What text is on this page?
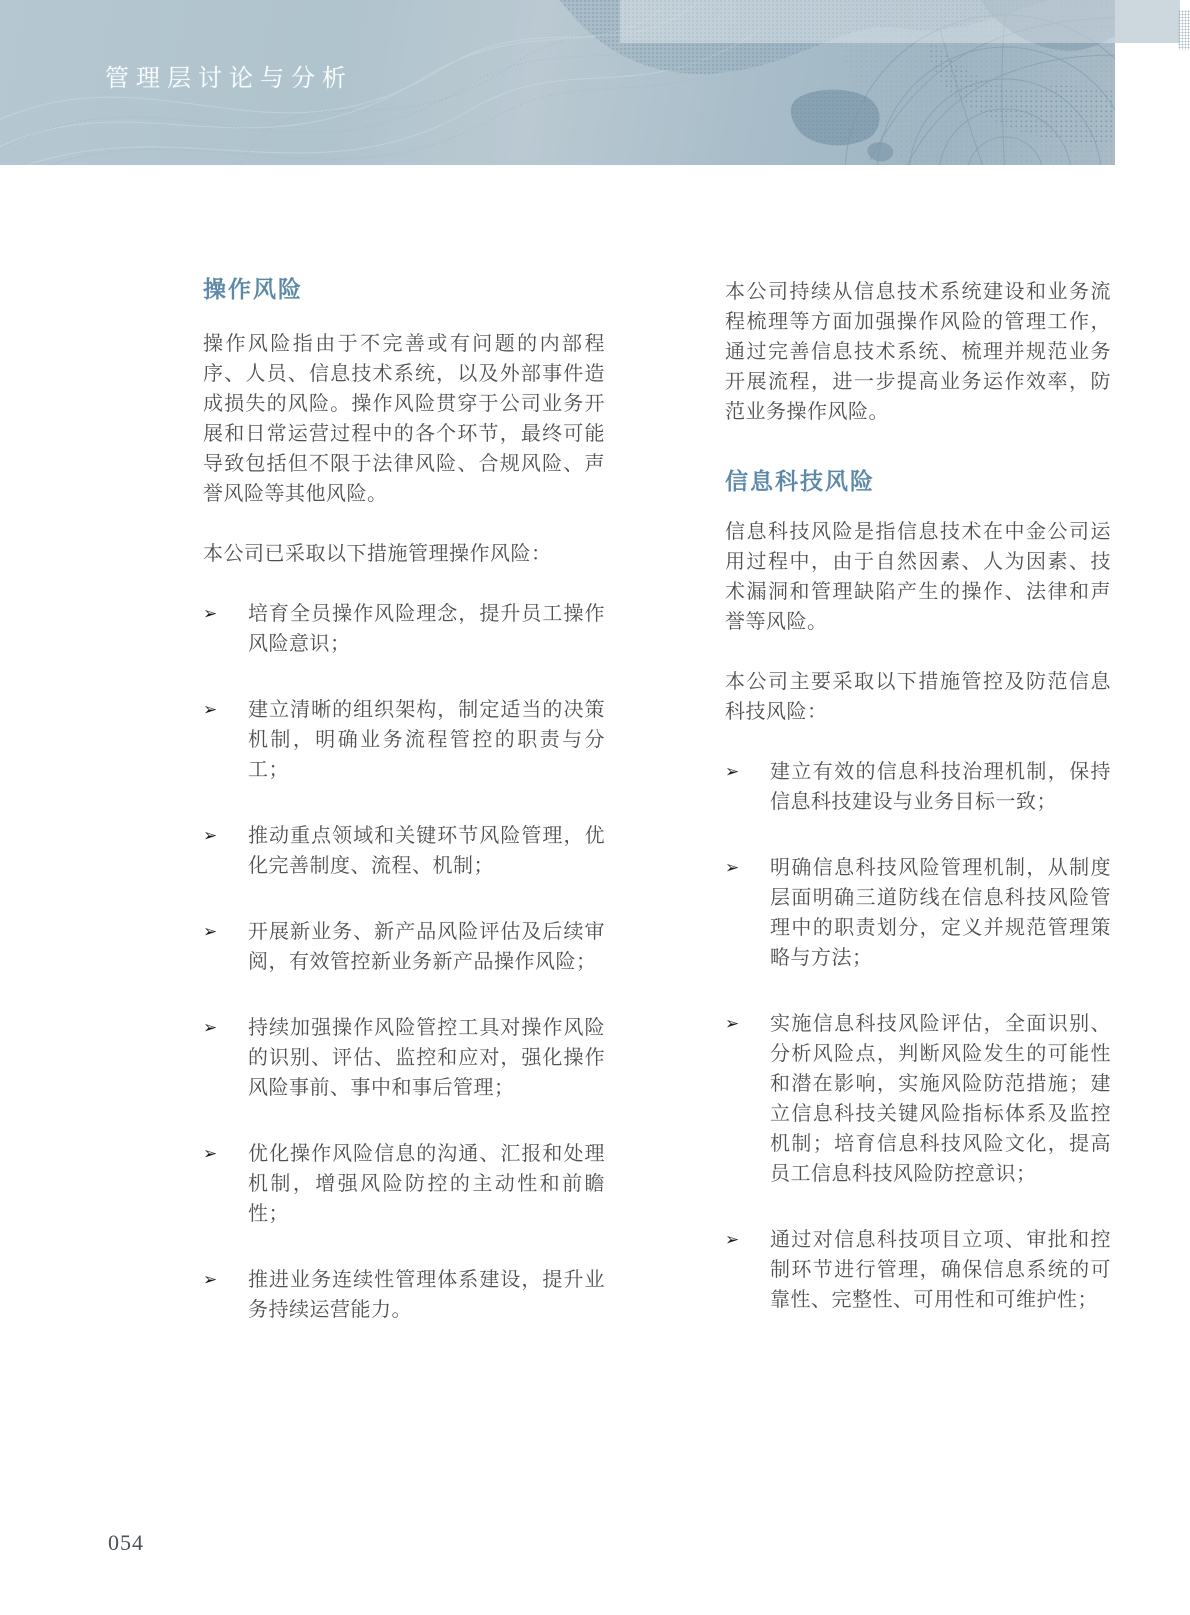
管理层讨论与分析
操作风险

操作风险指由于不完善或有问题的内部程序、人员、信息技术系统，以及外部事件造成损失的风险。操作风险贯穿于公司业务开展和日常运营过程中的各个环节，最终可能导致包括但不限于法律风险、合规风险、声誉风险等其他风险。

本公司已采取以下措施管理操作风险：

➢	培育全员操作风险理念，提升员工操作风险意识；
➢	建立清晰的组织架构，制定适当的决策机制，明确业务流程管控的职责与分工；
➢	推动重点领域和关键环节风险管理，优化完善制度、流程、机制；
➢	开展新业务、新产品风险评估及后续审阅，有效管控新业务新产品操作风险；
➢	持续加强操作风险管控工具对操作风险的识别、评估、监控和应对，强化操作风险事前、事中和事后管理；
➢	优化操作风险信息的沟通、汇报和处理机制，增强风险防控的主动性和前瞻性；
➢	推进业务连续性管理体系建设，提升业务持续运营能力。

本公司持续从信息技术系统建设和业务流程梳理等方面加强操作风险的管理工作，通过完善信息技术系统、梳理并规范业务开展流程，进一步提高业务运作效率，防范业务操作风险。

信息科技风险

信息科技风险是指信息技术在中金公司运用过程中，由于自然因素、人为因素、技术漏洞和管理缺陷产生的操作、法律和声誉等风险。

本公司主要采取以下措施管控及防范信息科技风险：

➢	建立有效的信息科技治理机制，保持信息科技建设与业务目标一致；
➢	明确信息科技风险管理机制，从制度层面明确三道防线在信息科技风险管理中的职责划分，定义并规范管理策略与方法；
➢	实施信息科技风险评估，全面识别、分析风险点，判断风险发生的可能性和潜在影响，实施风险防范措施；建立信息科技关键风险指标体系及监控机制；培育信息科技风险文化，提高员工信息科技风险防控意识；
➢	通过对信息科技项目立项、审批和控制环节进行管理，确保信息系统的可靠性、完整性、可用性和可维护性；
054
